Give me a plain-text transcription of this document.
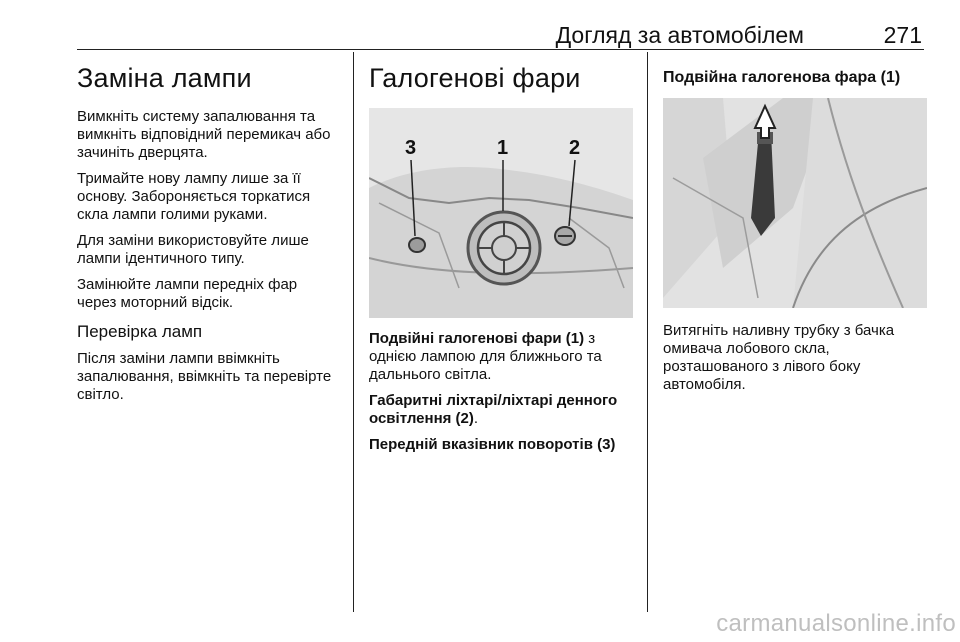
Догляд за автомобілем	271
Заміна лампи

Вимкніть систему запалювання та вимкніть відповідний перемикач або зачиніть дверцята.

Тримайте нову лампу лише за її основу. Забороняється торкатися скла лампи голими руками.

Для заміни використовуйте лише лампи ідентичного типу.

Замінюйте лампи передніх фар через моторний відсік.

Перевірка ламп

Після заміни лампи ввімкніть запалювання, ввімкніть та перевірте світло.

Галогенові фари
3	1	2

Подвійні галогенові фари (1) з однією лампою для ближнього та дальнього світла.

Габаритні ліхтарі/ліхтарі денного освітлення (2).

Передній вказівник поворотів (3)

Подвійна галогенова фара (1)

Витягніть наливну трубку з бачка омивача лобового скла, розташованого з лівого боку автомобіля.

carmanualsonline.info
